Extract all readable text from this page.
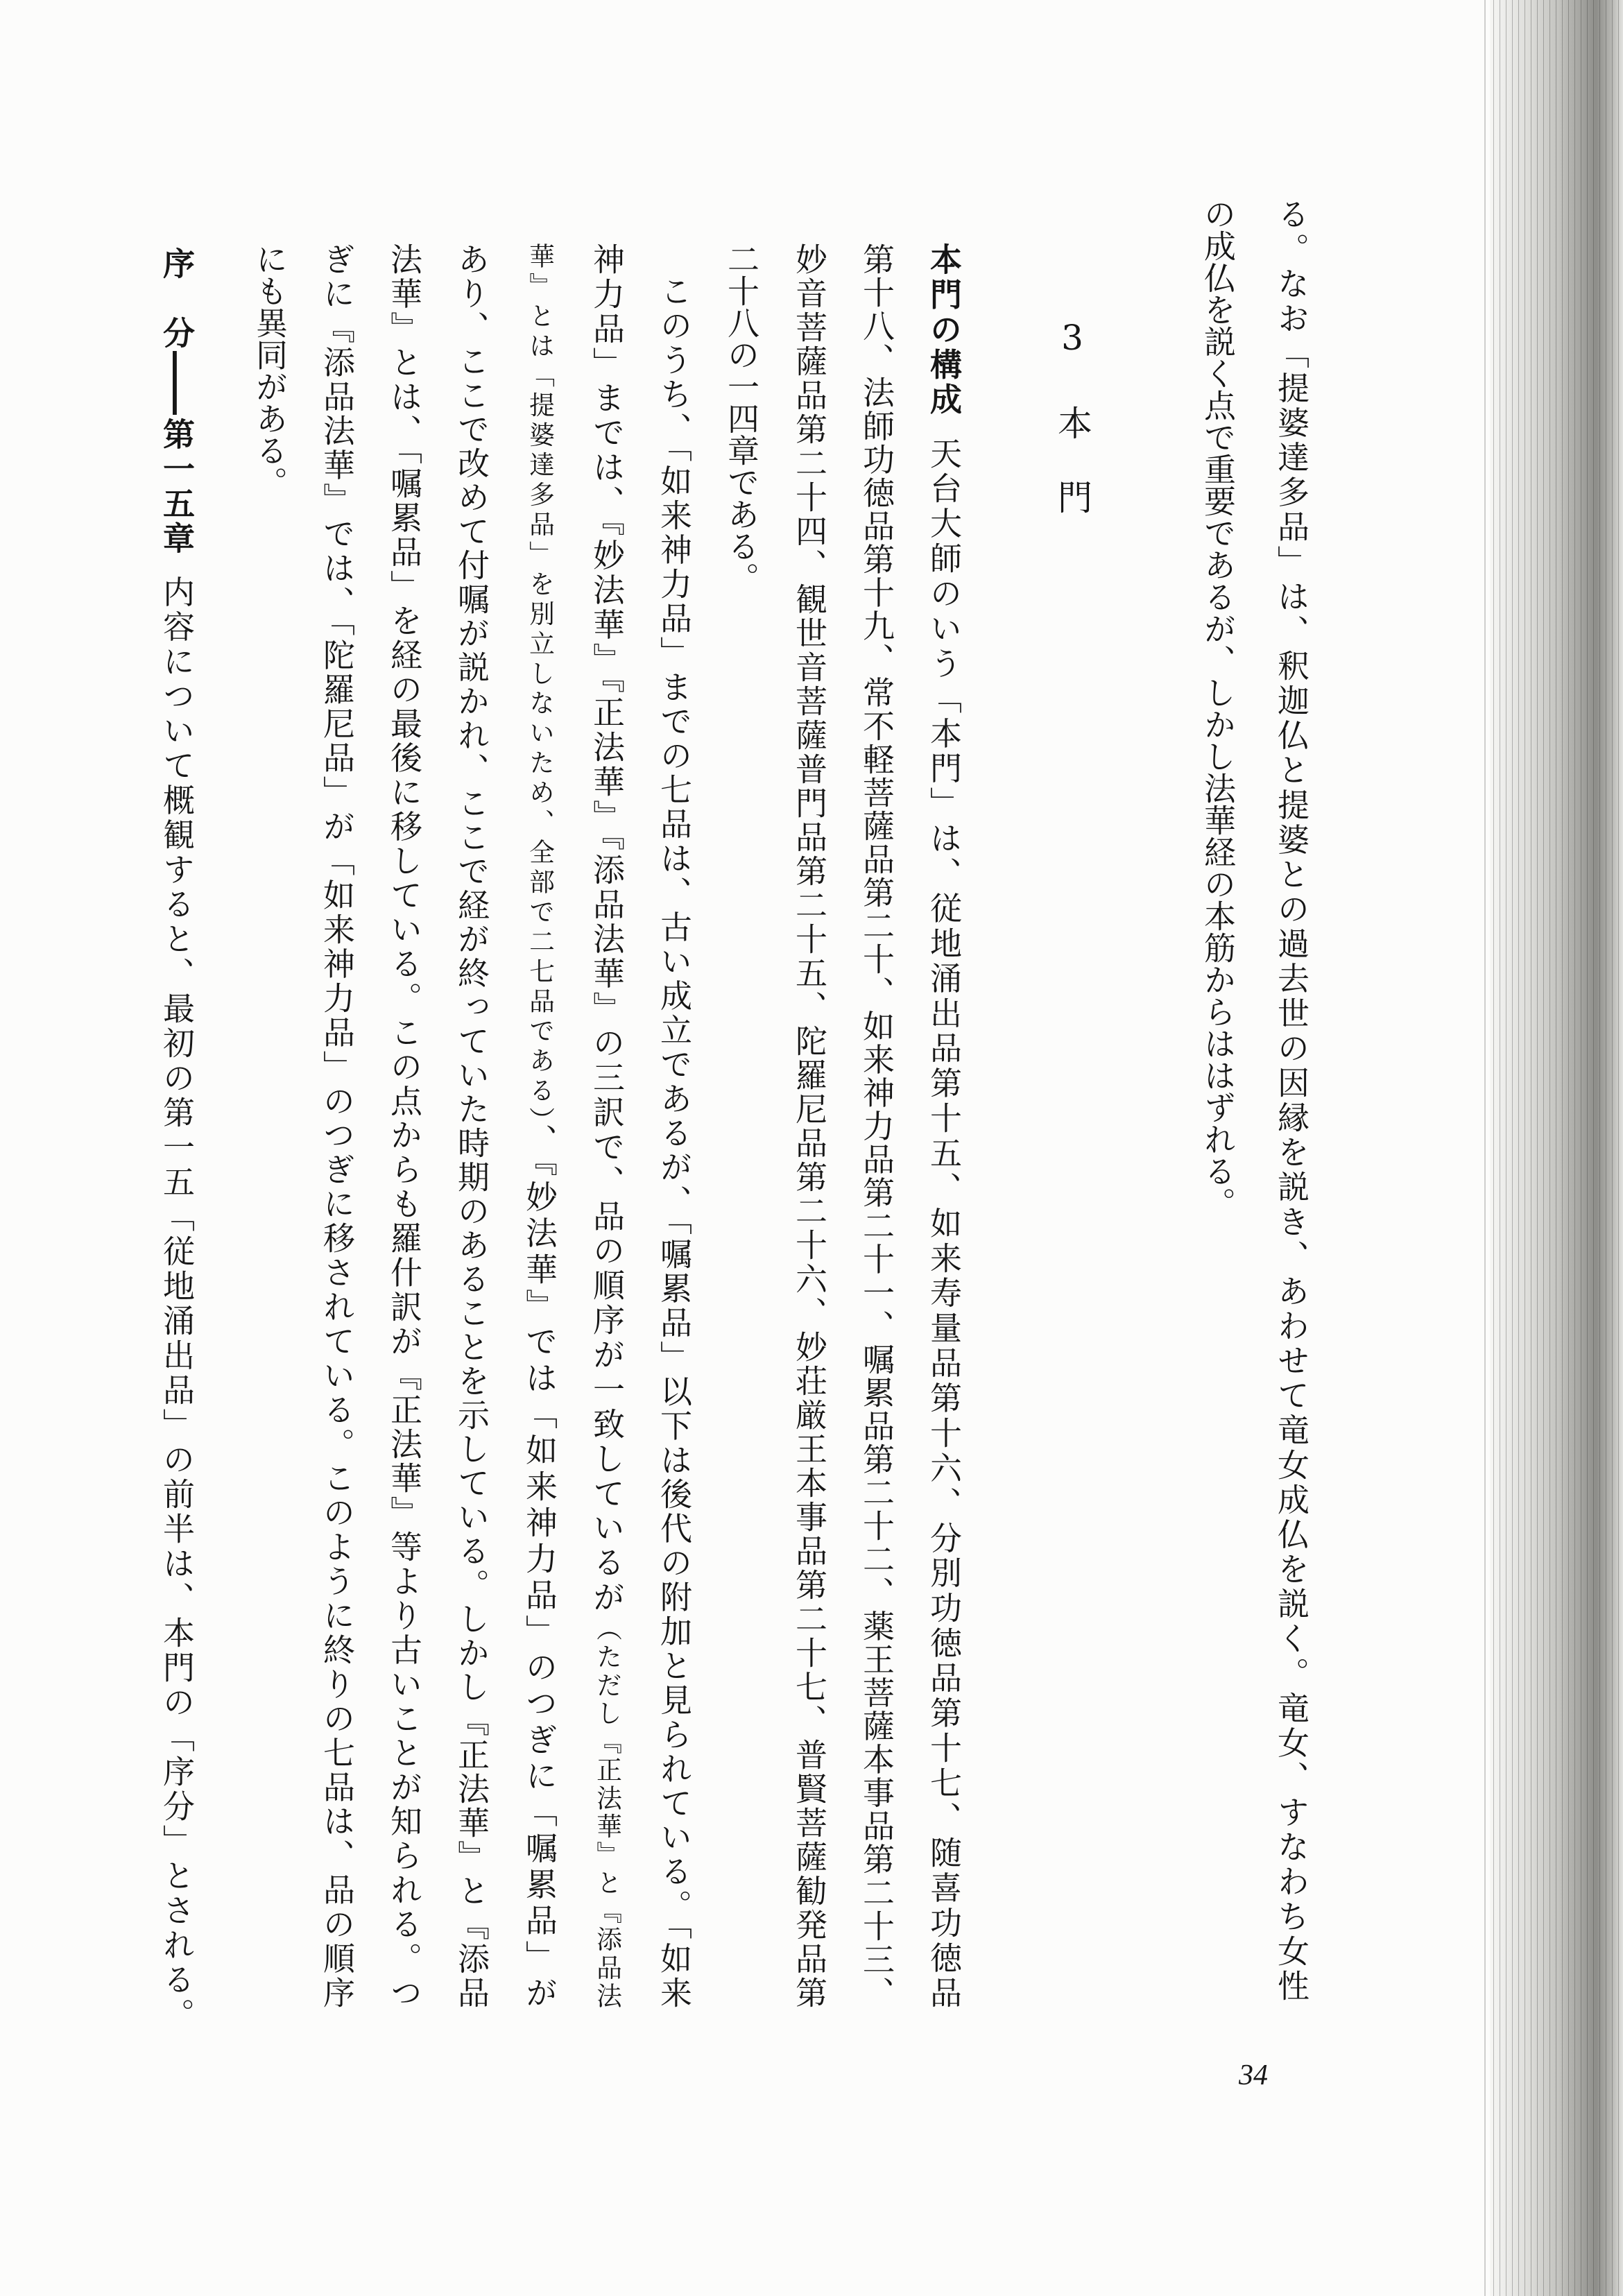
る。なお「提婆達多品」は、釈迦仏と提婆との過去世の因縁を説き、あわせて竜女成仏を説く。竜女、すなわち女性
の成仏を説く点で重要であるが、しかし法華経の本筋からははずれる。
3本門
本門の構成天台大師のいう「本門」は、従地涌出品第十五、如来寿量品第十六、分別功徳品第十七、随喜功徳品
第十八、法師功徳品第十九、常不軽菩薩品第二十、如来神力品第二十一、嘱累品第二十二、薬王菩薩本事品第二十三、
妙音菩薩品第二十四、観世音菩薩普門品第二十五、陀羅尼品第二十六、妙荘厳王本事品第二十七、普賢菩薩勧発品第
二十八の一四章である。
このうち、「如来神力品」までの七品は、古い成立であるが、「嘱累品」以下は後代の附加と見られている。「如来
神力品」までは、『妙法華』『正法華』『添品法華』の三訳で、品の順序が一致しているが（ただし『正法華』と『添品法
華』とは「提婆達多品」を別立しないため、全部で二七品である）、『妙法華』では「如来神力品」のつぎに「嘱累品」が
あり、ここで改めて付嘱が説かれ、ここで経が終っていた時期のあることを示している。しかし『正法華』と『添品
法華』とは、「嘱累品」を経の最後に移している。この点からも羅什訳が『正法華』等より古いことが知られる。つ
ぎに『添品法華』では、「陀羅尼品」が「如来神力品」のつぎに移されている。このように終りの七品は、品の順序
にも異同がある。
序　分――第一五章内容について概観すると、最初の第一五「従地涌出品」の前半は、本門の「序分」とされる。
34
